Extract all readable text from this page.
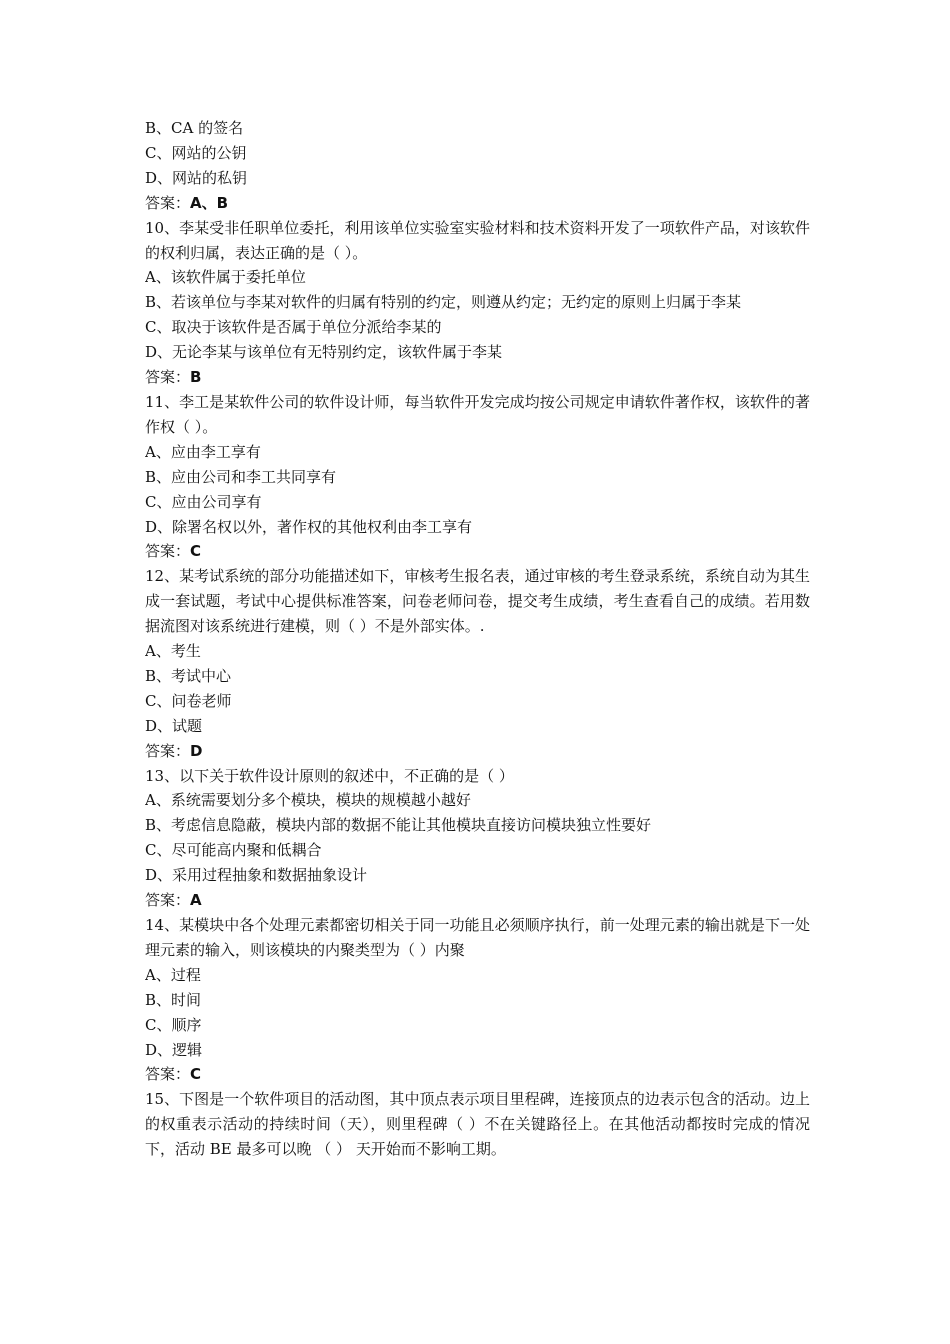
B、CA 的签名

C、网站的公钥

D、网站的私钥

答案：A、B

10、李某受非任职单位委托，利用该单位实验室实验材料和技术资料开发了一项软件产品，对该软件的权利归属，表达正确的是（ ）。

A、该软件属于委托单位

B、若该单位与李某对软件的归属有特别的约定，则遵从约定；无约定的原则上归属于李某

C、取决于该软件是否属于单位分派给李某的

D、无论李某与该单位有无特别约定，该软件属于李某

答案：B

11、李工是某软件公司的软件设计师，每当软件开发完成均按公司规定申请软件著作权，该软件的著作权（ ）。

A、应由李工享有

B、应由公司和李工共同享有

C、应由公司享有

D、除署名权以外，著作权的其他权利由李工享有

答案：C

12、某考试系统的部分功能描述如下，审核考生报名表，通过审核的考生登录系统，系统自动为其生成一套试题，考试中心提供标准答案，问卷老师问卷，提交考生成绩，考生查看自己的成绩。若用数据流图对该系统进行建模，则（ ）不是外部实体。.

A、考生

B、考试中心

C、问卷老师

D、试题

答案：D

13、以下关于软件设计原则的叙述中，不正确的是（ ）

A、系统需要划分多个模块，模块的规模越小越好

B、考虑信息隐蔽，模块内部的数据不能让其他模块直接访问模块独立性要好

C、尽可能高内聚和低耦合

D、采用过程抽象和数据抽象设计

答案：A

14、某模块中各个处理元素都密切相关于同一功能且必须顺序执行，前一处理元素的输出就是下一处理元素的输入，则该模块的内聚类型为（ ）内聚

A、过程

B、时间

C、顺序

D、逻辑

答案：C

15、下图是一个软件项目的活动图，其中顶点表示项目里程碑，连接顶点的边表示包含的活动。边上的权重表示活动的持续时间（天），则里程碑（ ）不在关键路径上。在其他活动都按时完成的情况下，活动 BE 最多可以晚 （ ） 天开始而不影响工期。
